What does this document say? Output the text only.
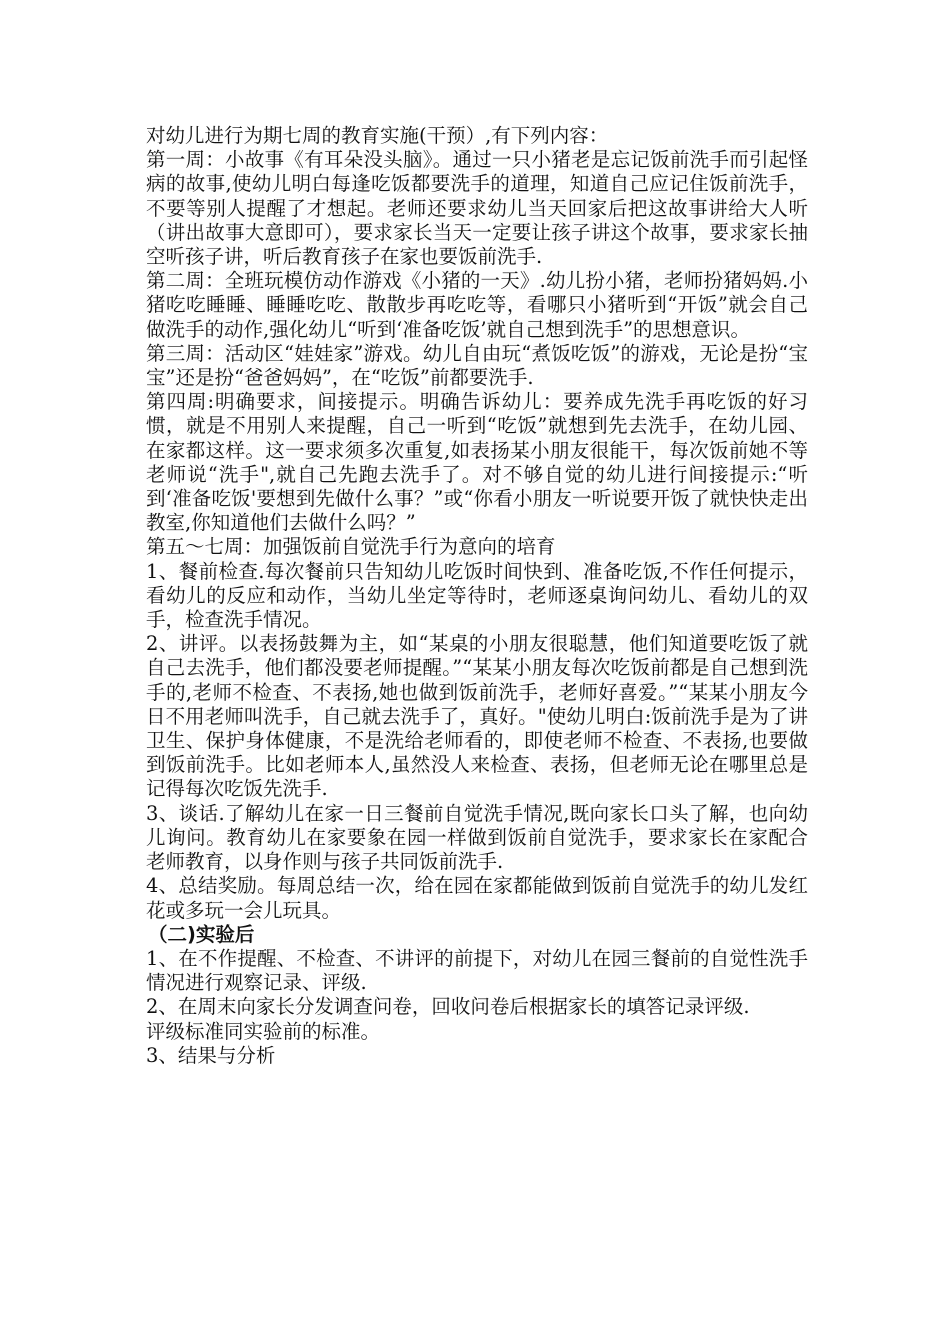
对幼儿进行为期七周的教育实施(干预）,有下列内容：

第一周：小故事《有耳朵没头脑》。通过一只小猪老是忘记饭前洗手而引起怪病的故事,使幼儿明白每逢吃饭都要洗手的道理，知道自己应记住饭前洗手，不要等别人提醒了才想起。老师还要求幼儿当天回家后把这故事讲给大人听（讲出故事大意即可），要求家长当天一定要让孩子讲这个故事，要求家长抽空听孩子讲，听后教育孩子在家也要饭前洗手.

第二周：全班玩模仿动作游戏《小猪的一天》.幼儿扮小猪，老师扮猪妈妈.小猪吃吃睡睡、睡睡吃吃、散散步再吃吃等，看哪只小猪听到“开饭”就会自己做洗手的动作,强化幼儿“听到‘准备吃饭’就自己想到洗手”的思想意识。

第三周：活动区“娃娃家”游戏。幼儿自由玩“煮饭吃饭”的游戏，无论是扮“宝宝”还是扮“爸爸妈妈”，在“吃饭”前都要洗手.

第四周:明确要求，间接提示。明确告诉幼儿：要养成先洗手再吃饭的好习惯，就是不用别人来提醒，自己一听到“吃饭”就想到先去洗手，在幼儿园、在家都这样。这一要求须多次重复,如表扬某小朋友很能干，每次饭前她不等老师说“洗手",就自己先跑去洗手了。对不够自觉的幼儿进行间接提示:“听到‘准备吃饭'要想到先做什么事？”或“你看小朋友一听说要开饭了就快快走出教室,你知道他们去做什么吗？”

第五～七周：加强饭前自觉洗手行为意向的培育

1、餐前检查.每次餐前只告知幼儿吃饭时间快到、准备吃饭,不作任何提示，看幼儿的反应和动作，当幼儿坐定等待时，老师逐桌询问幼儿、看幼儿的双手，检查洗手情况。

2、讲评。以表扬鼓舞为主，如“某桌的小朋友很聪慧，他们知道要吃饭了就自己去洗手，他们都没要老师提醒。”“某某小朋友每次吃饭前都是自己想到洗手的,老师不检查、不表扬,她也做到饭前洗手，老师好喜爱。”“某某小朋友今日不用老师叫洗手，自己就去洗手了，真好。"使幼儿明白:饭前洗手是为了讲卫生、保护身体健康，不是洗给老师看的，即使老师不检查、不表扬,也要做到饭前洗手。比如老师本人,虽然没人来检查、表扬，但老师无论在哪里总是记得每次吃饭先洗手.

3、谈话.了解幼儿在家一日三餐前自觉洗手情况,既向家长口头了解，也向幼儿询问。教育幼儿在家要象在园一样做到饭前自觉洗手，要求家长在家配合老师教育，以身作则与孩子共同饭前洗手.

4、总结奖励。每周总结一次，给在园在家都能做到饭前自觉洗手的幼儿发红花或多玩一会儿玩具。

（二)实验后

1、在不作提醒、不检查、不讲评的前提下，对幼儿在园三餐前的自觉性洗手情况进行观察记录、评级.

2、在周末向家长分发调查问卷，回收问卷后根据家长的填答记录评级.

评级标准同实验前的标准。

3、结果与分析
